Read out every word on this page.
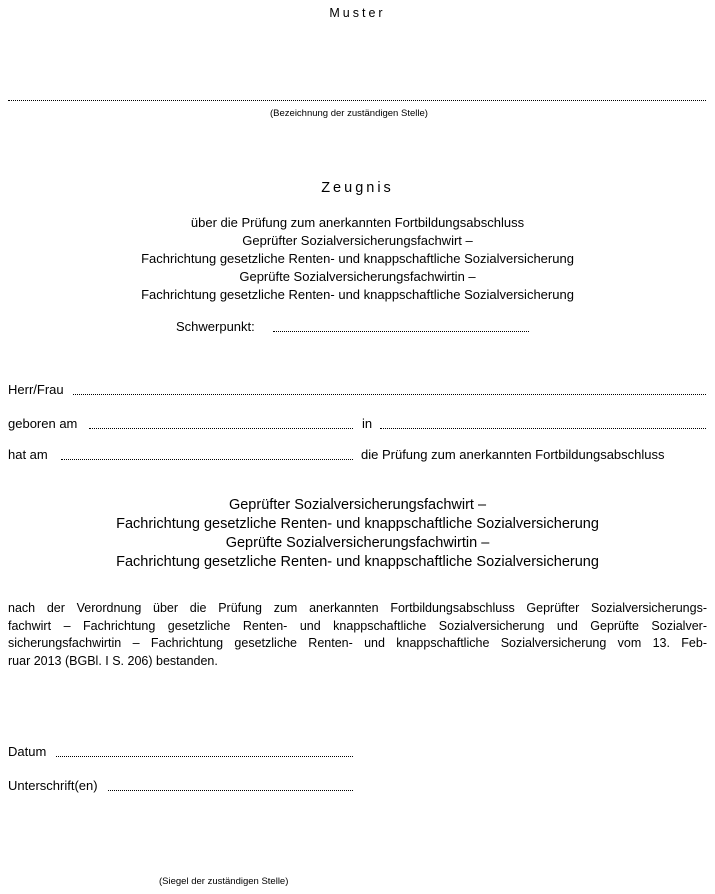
Muster
(Bezeichnung der zuständigen Stelle)
Zeugnis
über die Prüfung zum anerkannten Fortbildungsabschluss
Geprüfter Sozialversicherungsfachwirt –
Fachrichtung gesetzliche Renten- und knappschaftliche Sozialversicherung
Geprüfte Sozialversicherungsfachwirtin –
Fachrichtung gesetzliche Renten- und knappschaftliche Sozialversicherung
Schwerpunkt:
Herr/Frau
geboren am	in
hat am	die Prüfung zum anerkannten Fortbildungsabschluss
Geprüfter Sozialversicherungsfachwirt –
Fachrichtung gesetzliche Renten- und knappschaftliche Sozialversicherung
Geprüfte Sozialversicherungsfachwirtin –
Fachrichtung gesetzliche Renten- und knappschaftliche Sozialversicherung
nach der Verordnung über die Prüfung zum anerkannten Fortbildungsabschluss Geprüfter Sozialversicherungs-
fachwirt – Fachrichtung gesetzliche Renten- und knappschaftliche Sozialversicherung und Geprüfte Sozialver-
sicherungsfachwirtin – Fachrichtung gesetzliche Renten- und knappschaftliche Sozialversicherung vom 13. Feb-
ruar 2013 (BGBl. I S. 206) bestanden.
Datum
Unterschrift(en)
(Siegel der zuständigen Stelle)
